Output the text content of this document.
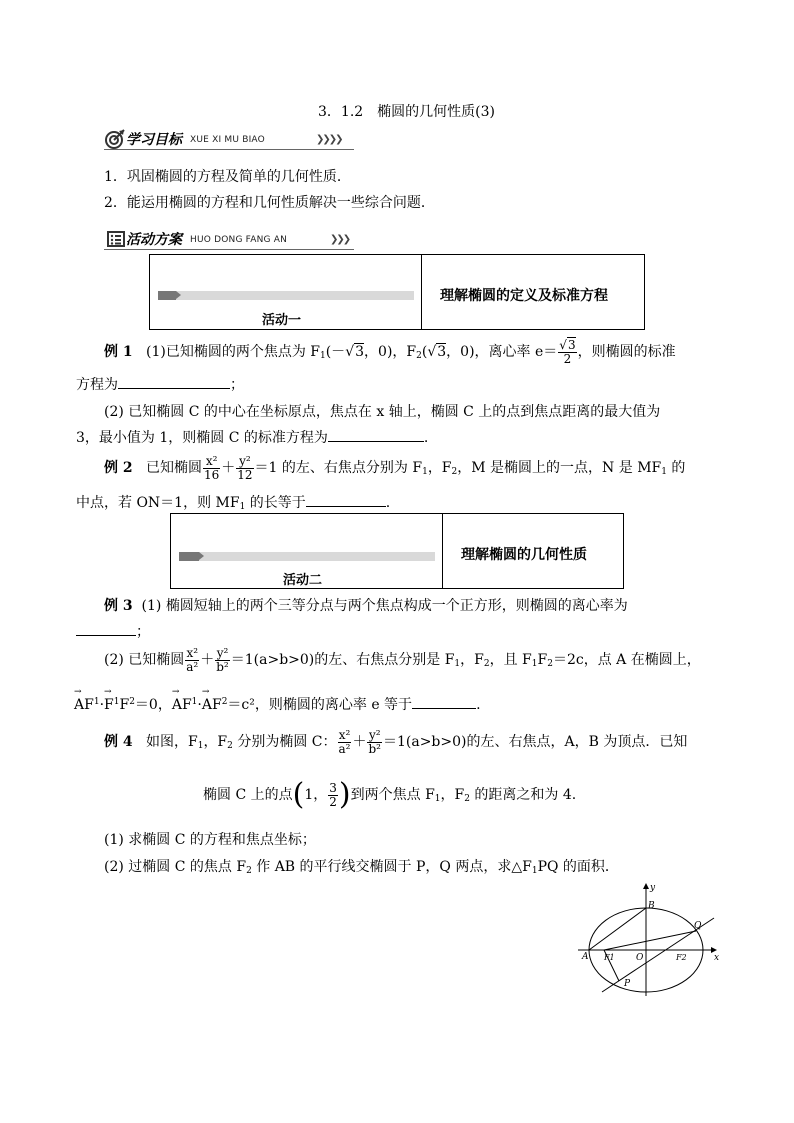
3．1.2　椭圆的几何性质(3)
学习目标 XUE XI MU BIAO	❯❯❯❯
1．巩固椭圆的方程及简单的几何性质．
2．能运用椭圆的方程和几何性质解决一些综合问题．
活动方案 HUO DONG FANG AN	❯❯❯
活动一
理解椭圆的定义及标准方程
例 1 (1)已知椭圆的两个焦点为 $F_1(-√3$，0)，$F_2(√3$，0)，离心率 $e= \frac{√3}{2}$ ，则椭圆的标准
方程为	；
(2) 已知椭圆 C 的中心在坐标原点，焦点在 x 轴上，椭圆 C 上的点到焦点距离的最大值为
3，最小值为 1，则椭圆 C 的标准方程为	.
例 2 已知椭圆 $\frac{\text{x²}}{16} + \frac{\text{y²}}{12} =1$ 的左、右焦点分别为 $F_1$，$F_2$，M 是椭圆上的一点，N 是 $MF_1$ 的
中点，若 ON＝1，则 $MF_1$ 的长等于	.
活动二
理解椭圆的几何性质
例 3 (1) 椭圆短轴上的两个三等分点与两个焦点构成一个正方形，则椭圆的离心率为
；
(2) 已知椭圆 $\frac{\text{x²}}{\text{a²}} + \frac{\text{y²}}{\text{b²}} =1(a>b>0)$的左、右焦点分别是 $F_1$，$F_2$，且 $F_1F_2=2c$，点 A 在椭圆上，
→ $AF^1\cdot\to F^1F^2=0$，→ $AF^1\cdot\to AF^2=c^2$，则椭圆的离心率 e 等于	.
例 4 如图，$F_1$，$F_2$ 分别为椭圆 C： $\frac{\text{x²}}{\text{a²}} + \frac{\text{y²}}{\text{b²}} =1(a>b>0)$的左、右焦点，A，B 为顶点．已知
椭圆 C 上的点(1， $\frac{3}{2}$ )到两个焦点 $F_1$，$F_2$ 的距离之和为 4.
(1) 求椭圆 C 的方程和焦点坐标；
(2) 过椭圆 C 的焦点 $F_2$ 作 AB 的平行线交椭圆于 P，Q 两点，求$\triangle F_1PQ$ 的面积．
y
x
B
Q
A F1 O	F2
P
